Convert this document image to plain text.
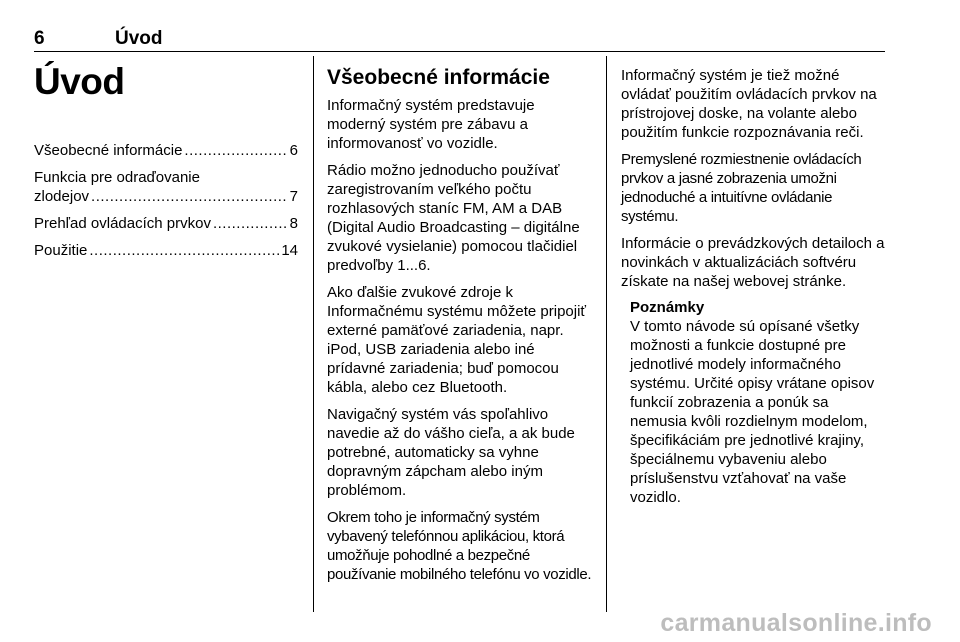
6	Úvod
Úvod
Všeobecné informácie .....	6
Funkcia pre odraďovanie
zlodejov .....	7
Prehľad ovládacích prvkov .....	8
Použitie .....	14
Všeobecné informácie

Informačný systém predstavuje moderný systém pre zábavu a informovanosť vo vozidle.

Rádio možno jednoducho používať zaregistrovaním veľkého počtu rozhlasových staníc FM, AM a DAB (Digital Audio Broadcasting – digitálne zvukové vysielanie) pomocou tlačidiel predvoľby 1...6.

Ako ďalšie zvukové zdroje k Informačnému systému môžete pripojiť externé pamäťové zariadenia, napr. iPod, USB zariadenia alebo iné prídavné zariadenia; buď pomocou kábla, alebo cez Bluetooth.

Navigačný systém vás spoľahlivo navedie až do vášho cieľa, a ak bude potrebné, automaticky sa vyhne dopravným zápcham alebo iným problémom.

Okrem toho je informačný systém vybavený telefónnou aplikáciou, ktorá umožňuje pohodlné a bezpečné používanie mobilného telefónu vo vozidle.

Informačný systém je tiež možné ovládať použitím ovládacích prvkov na prístrojovej doske, na volante alebo použitím funkcie rozpoznávania reči.

Premyslené rozmiestnenie ovládacích prvkov a jasné zobrazenia umožni jednoduché a intuitívne ovládanie systému.

Informácie o prevádzkových detailoch a novinkách v aktualizáciách softvéru získate na našej webovej stránke.

Poznámky
V tomto návode sú opísané všetky možnosti a funkcie dostupné pre jednotlivé modely informačného systému. Určité opisy vrátane opisov funkcií zobrazenia a ponúk sa nemusia kvôli rozdielnym modelom, špecifikáciám pre jednotlivé krajiny, špeciálnemu vybaveniu alebo príslušenstvu vzťahovať na vaše vozidlo.
carmanualsonline.info
